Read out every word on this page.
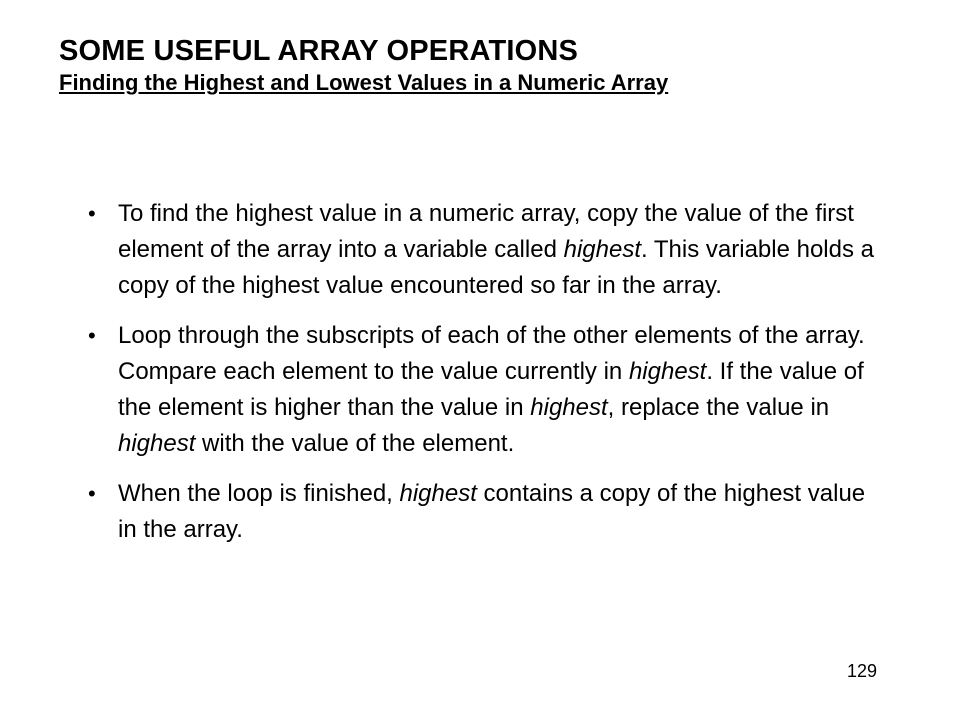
SOME USEFUL ARRAY OPERATIONS
Finding the Highest and Lowest Values in a Numeric Array
• To find the highest value in a numeric array, copy the value of the first element of the array into a variable called highest. This variable holds a copy of the highest value encountered so far in the array.
• Loop through the subscripts of each of the other elements of the array. Compare each element to the value currently in highest. If the value of the element is higher than the value in highest, replace the value in highest with the value of the element.
• When the loop is finished, highest contains a copy of the highest value in the array.
129
